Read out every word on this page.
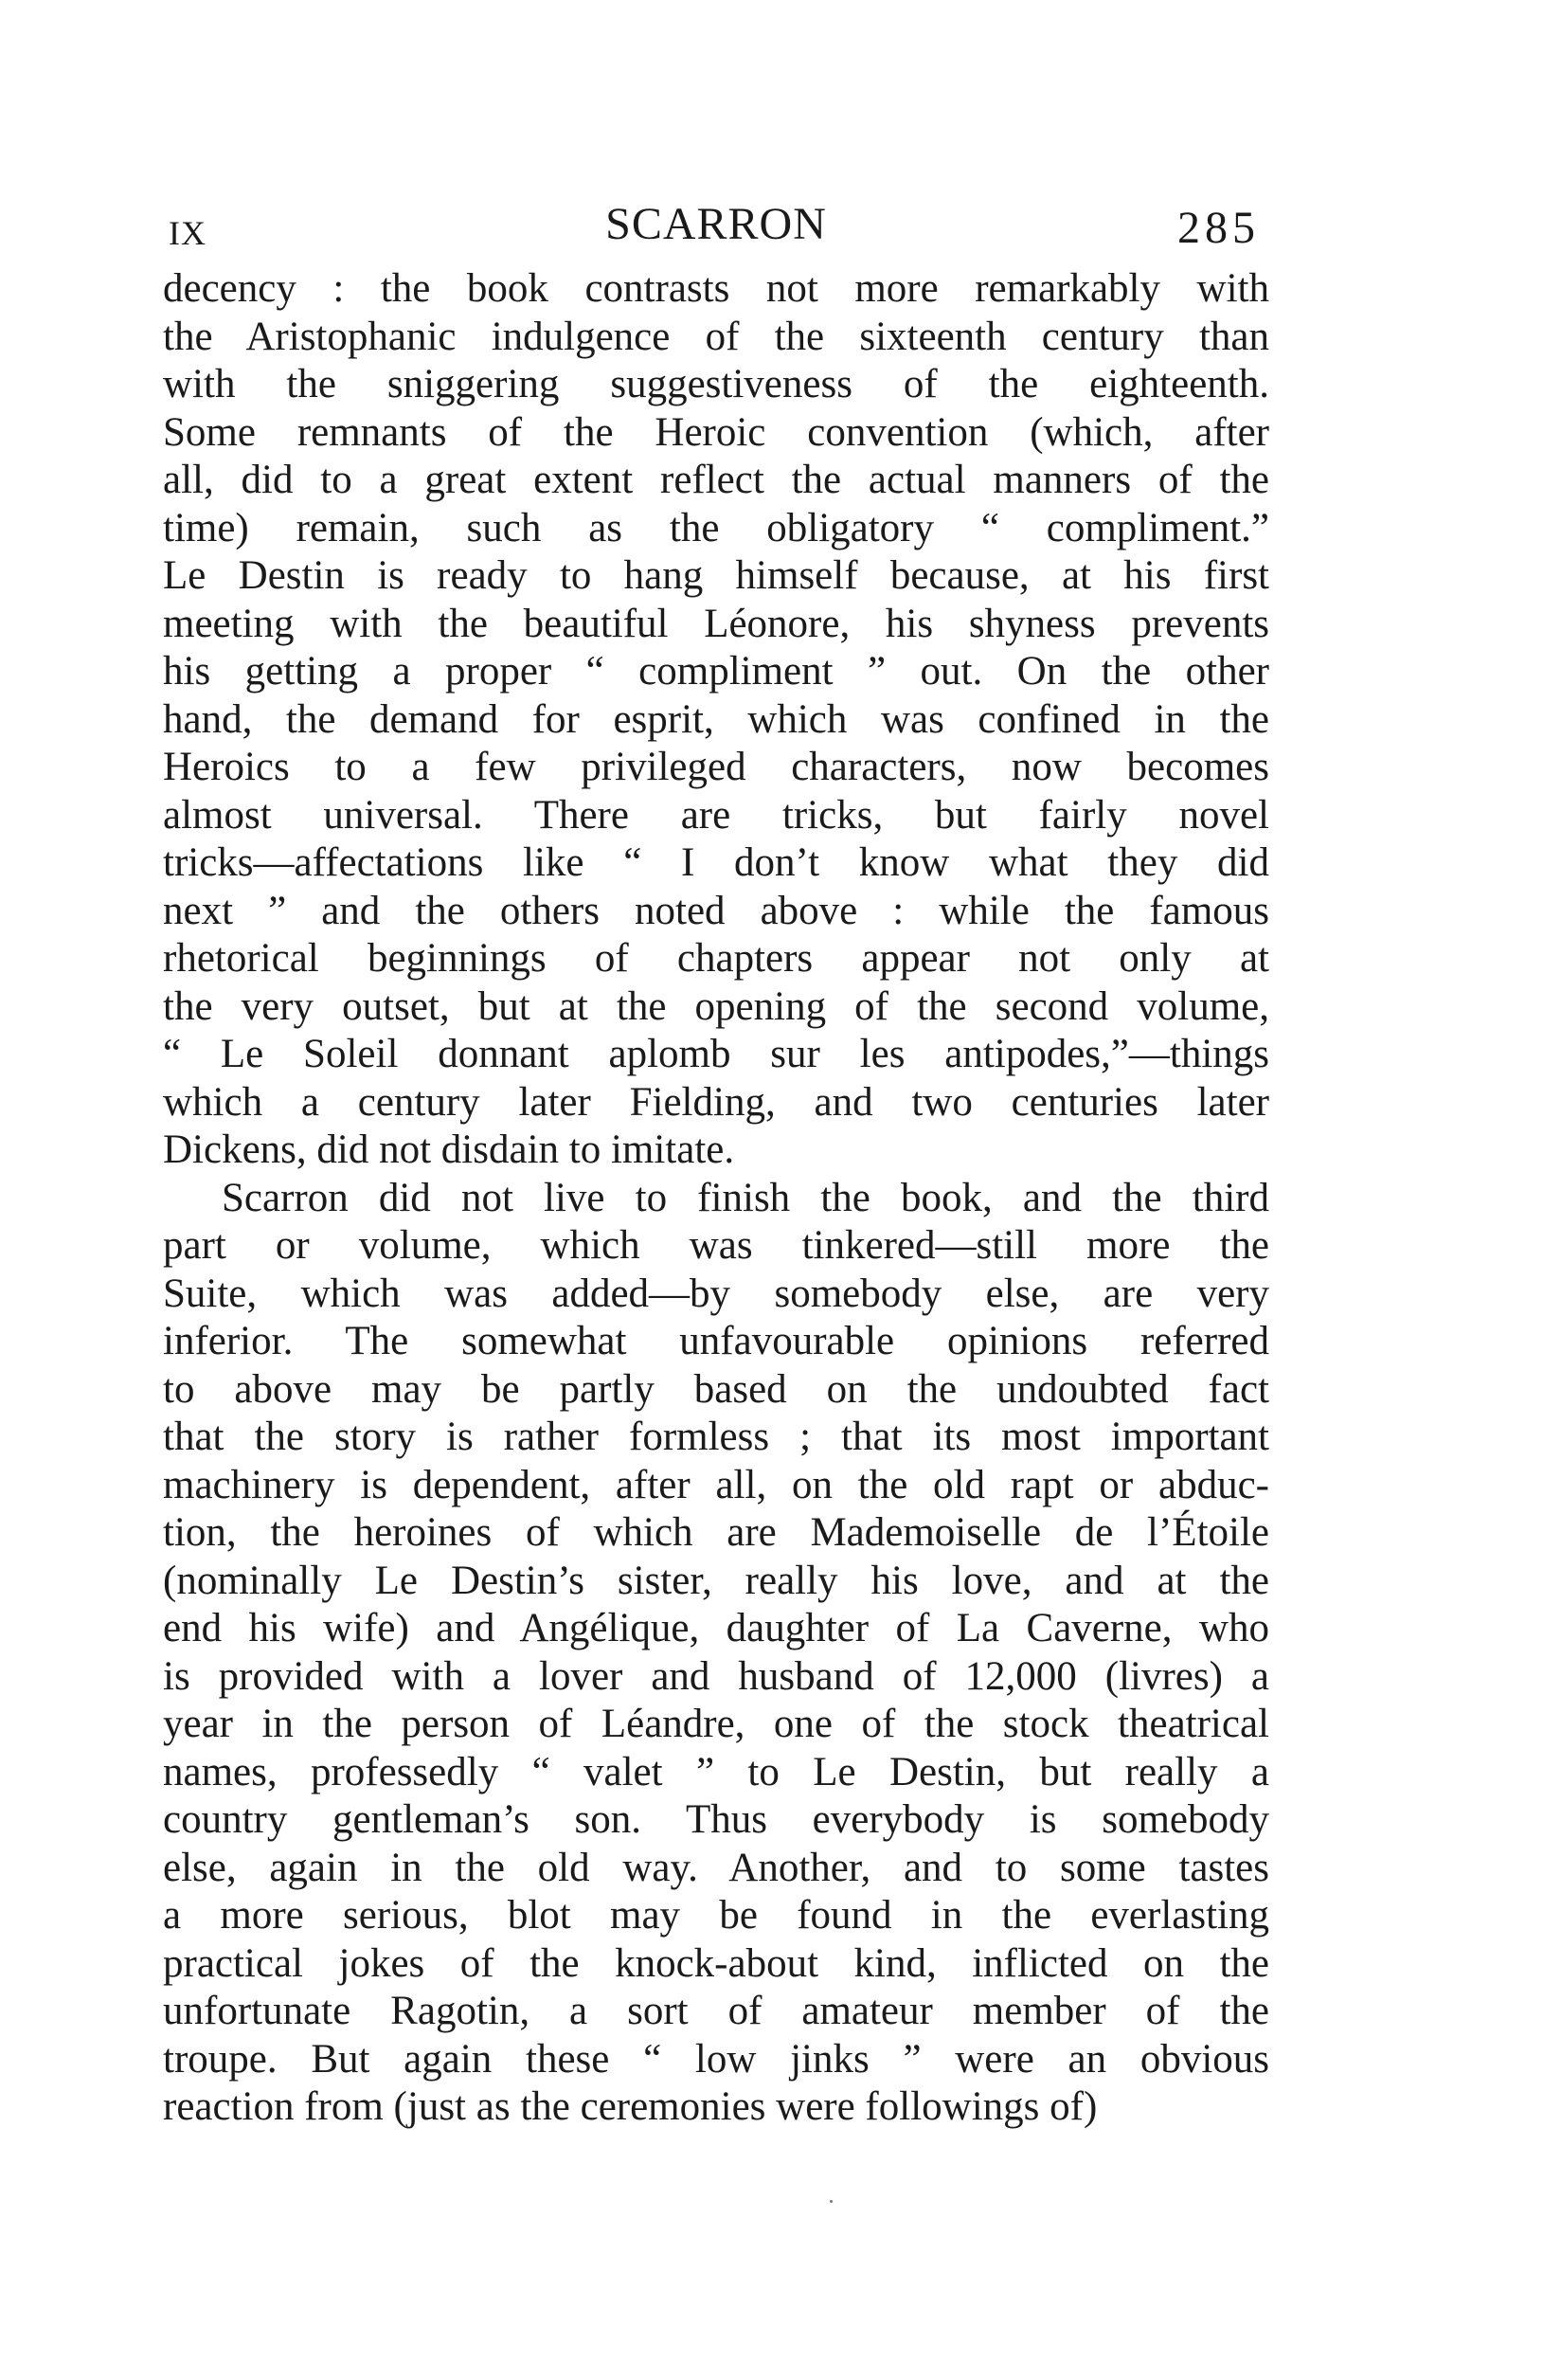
IX	SCARRON	285
decency : the book contrasts not more remarkably with
the Aristophanic indulgence of the sixteenth century than
with the sniggering suggestiveness of the eighteenth.
Some remnants of the Heroic convention (which, after
all, did to a great extent reflect the actual manners of the
time) remain, such as the obligatory “ compliment.”
Le Destin is ready to hang himself because, at his first
meeting with the beautiful Léonore, his shyness prevents
his getting a proper “ compliment ” out. On the other
hand, the demand for esprit, which was confined in the
Heroics to a few privileged characters, now becomes
almost universal. There are tricks, but fairly novel
tricks—affectations like “ I don’t know what they did
next ” and the others noted above : while the famous
rhetorical beginnings of chapters appear not only at
the very outset, but at the opening of the second volume,
“ Le Soleil donnant aplomb sur les antipodes,”—things
which a century later Fielding, and two centuries later
Dickens, did not disdain to imitate.
Scarron did not live to finish the book, and the third
part or volume, which was tinkered—still more the
Suite, which was added—by somebody else, are very
inferior. The somewhat unfavourable opinions referred
to above may be partly based on the undoubted fact
that the story is rather formless ; that its most important
machinery is dependent, after all, on the old rapt or abduc-
tion, the heroines of which are Mademoiselle de l’Étoile
(nominally Le Destin’s sister, really his love, and at the
end his wife) and Angélique, daughter of La Caverne, who
is provided with a lover and husband of 12,000 (livres) a
year in the person of Léandre, one of the stock theatrical
names, professedly “ valet ” to Le Destin, but really a
country gentleman’s son. Thus everybody is somebody
else, again in the old way. Another, and to some tastes
a more serious, blot may be found in the everlasting
practical jokes of the knock-about kind, inflicted on the
unfortunate Ragotin, a sort of amateur member of the
troupe. But again these “ low jinks ” were an obvious
reaction from (just as the ceremonies were followings of)
